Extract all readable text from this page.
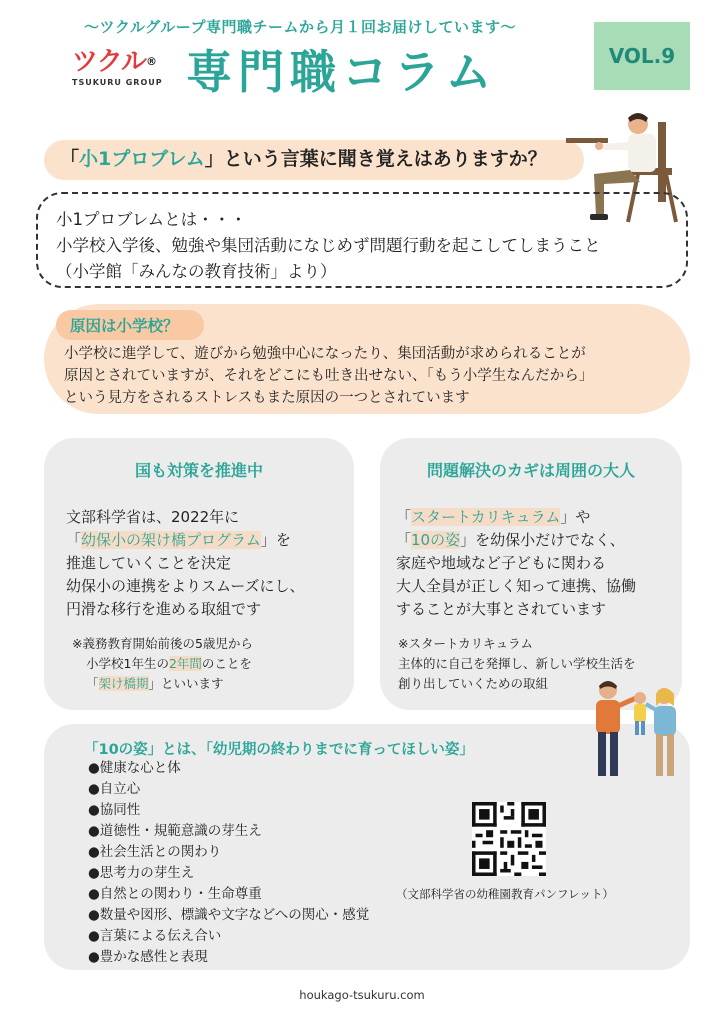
〜ツクルグループ専門職チームから月１回お届けしています〜
ツクル®
TSUKURU GROUP 専門職コラム	VOL.9
「小1プロブレム」という言葉に聞き覚えはありますか？
小1プロブレムとは・・・
小学校入学後、勉強や集団活動になじめず問題行動を起こしてしまうこと
（小学館「みんなの教育技術」より）
原因は小学校？
小学校に進学して、遊びから勉強中心になったり、集団活動が求められることが
原因とされていますが、それをどこにも吐き出せない、「もう小学生なんだから」
という見方をされるストレスもまた原因の一つとされています
国も対策を推進中
文部科学省は、2022年に
「幼保小の架け橋プログラム」を
推進していくことを決定
幼保小の連携をよりスムーズにし、
円滑な移行を進める取組です
※義務教育開始前後の5歳児から
小学校1年生の2年間のことを
「架け橋期」といいます
問題解決のカギは周囲の大人
「スタートカリキュラム」や
「10の姿」を幼保小だけでなく、
家庭や地域など子どもに関わる
大人全員が正しく知って連携、協働
することが大事とされています
※スタートカリキュラム
主体的に自己を発揮し、新しい学校生活を
創り出していくための取組
「10の姿」とは、「幼児期の終わりまでに育ってほしい姿」
●健康な心と体
●自立心
●協同性
●道徳性・規範意識の芽生え
●社会生活との関わり
●思考力の芽生え
●自然との関わり・生命尊重
●数量や図形、標識や文字などへの関心・感覚
●言葉による伝え合い
●豊かな感性と表現
（文部科学省の幼稚園教育パンフレット）
houkago-tsukuru.com
